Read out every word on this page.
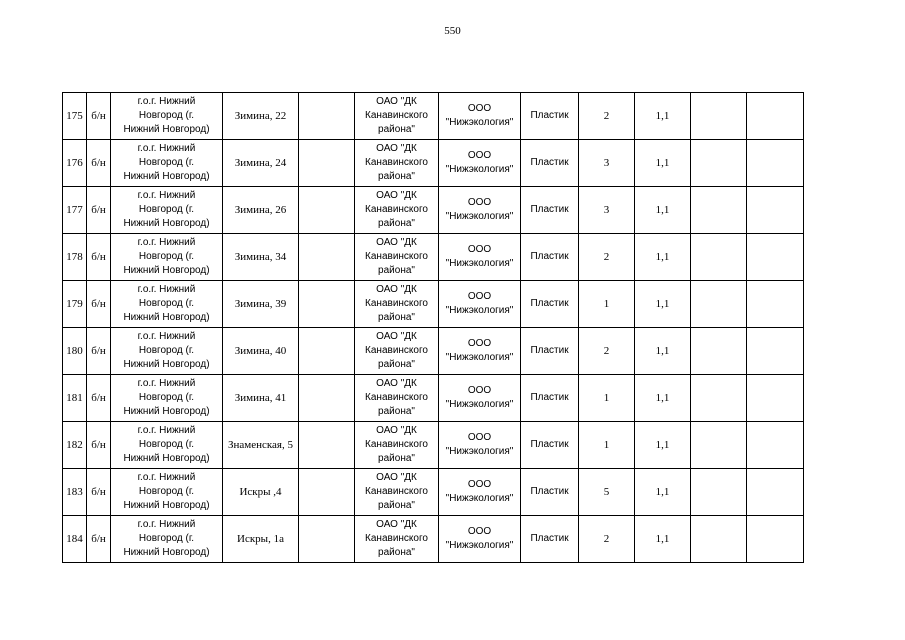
550
175	б/н	г.о.г. Нижний
Новгород (г.
Нижний Новгород)	Зимина, 22		ОАО "ДК
Канавинского
района"	ООО
"Нижэкология"	Пластик	2	1,1		
176	б/н	г.о.г. Нижний
Новгород (г.
Нижний Новгород)	Зимина, 24		ОАО "ДК
Канавинского
района"	ООО
"Нижэкология"	Пластик	3	1,1		
177	б/н	г.о.г. Нижний
Новгород (г.
Нижний Новгород)	Зимина, 26		ОАО "ДК
Канавинского
района"	ООО
"Нижэкология"	Пластик	3	1,1		
178	б/н	г.о.г. Нижний
Новгород (г.
Нижний Новгород)	Зимина, 34		ОАО "ДК
Канавинского
района"	ООО
"Нижэкология"	Пластик	2	1,1		
179	б/н	г.о.г. Нижний
Новгород (г.
Нижний Новгород)	Зимина, 39		ОАО "ДК
Канавинского
района"	ООО
"Нижэкология"	Пластик	1	1,1		
180	б/н	г.о.г. Нижний
Новгород (г.
Нижний Новгород)	Зимина, 40		ОАО "ДК
Канавинского
района"	ООО
"Нижэкология"	Пластик	2	1,1		
181	б/н	г.о.г. Нижний
Новгород (г.
Нижний Новгород)	Зимина, 41		ОАО "ДК
Канавинского
района"	ООО
"Нижэкология"	Пластик	1	1,1		
182	б/н	г.о.г. Нижний
Новгород (г.
Нижний Новгород)	Знаменская, 5		ОАО "ДК
Канавинского
района"	ООО
"Нижэкология"	Пластик	1	1,1		
183	б/н	г.о.г. Нижний
Новгород (г.
Нижний Новгород)	Искры ,4		ОАО "ДК
Канавинского
района"	ООО
"Нижэкология"	Пластик	5	1,1		
184	б/н	г.о.г. Нижний
Новгород (г.
Нижний Новгород)	Искры, 1а		ОАО "ДК
Канавинского
района"	ООО
"Нижэкология"	Пластик	2	1,1		
